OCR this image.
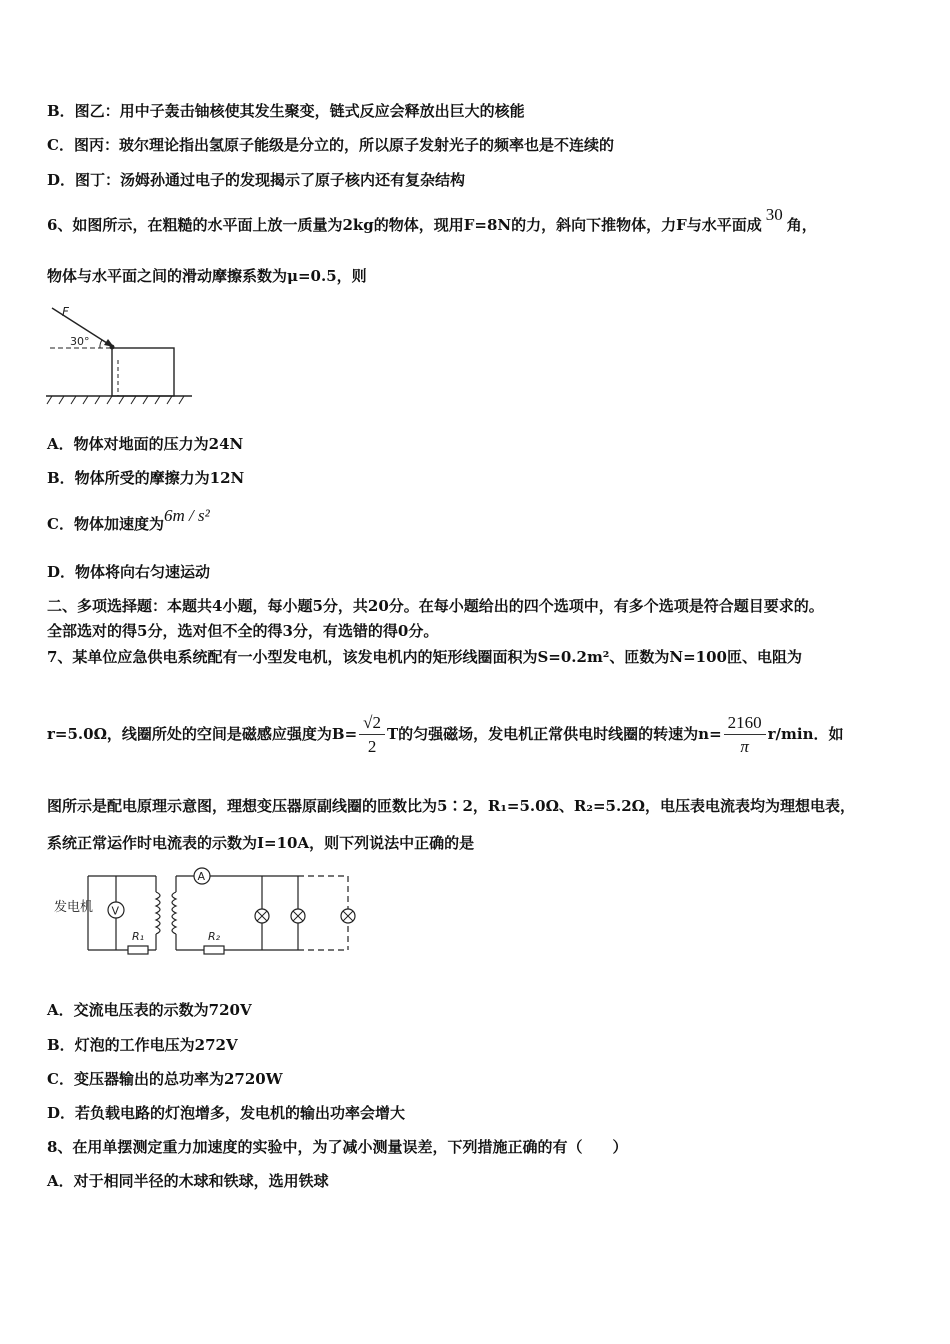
B．图乙：用中子轰击铀核使其发生聚变，链式反应会释放出巨大的核能
C．图丙：玻尔理论指出氢原子能级是分立的，所以原子发射光子的频率也是不连续的
D．图丁：汤姆孙通过电子的发现揭示了原子核内还有复杂结构
6、如图所示，在粗糙的水平面上放一质量为2kg的物体，现用F=8N的力，斜向下推物体，力F与水平面成30角，
物体与水平面之间的滑动摩擦系数为μ=0.5，则
F
30°
A．物体对地面的压力为24N
B．物体所受的摩擦力为12N
C．物体加速度为6m / s²
D．物体将向右匀速运动
二、多项选择题：本题共4小题，每小题5分，共20分。在每小题给出的四个选项中，有多个选项是符合题目要求的。
全部选对的得5分，选对但不全的得3分，有选错的得0分。
7、某单位应急供电系统配有一小型发电机，该发电机内的矩形线圈面积为S=0.2m²、匝数为N=100匝、电阻为
r=5.0Ω，线圈所处的空间是磁感应强度为$B= \frac{√2}{2}$ T的匀强磁场，发电机正常供电时线圈的转速为$n= \frac{2160}{\pi} r/\min$．如
图所示是配电原理示意图，理想变压器原副线圈的匝数比为5∶2，R₁=5.0Ω、R₂=5.2Ω，电压表电流表均为理想电表，
系统正常运作时电流表的示数为I=10A，则下列说法中正确的是
发电机 V
R₁
A
R₂
A．交流电压表的示数为720V
B．灯泡的工作电压为272V
C．变压器输出的总功率为2720W
D．若负载电路的灯泡增多，发电机的输出功率会增大
8、在用单摆测定重力加速度的实验中，为了减小测量误差，下列措施正确的有（　　）
A．对于相同半径的木球和铁球，选用铁球
